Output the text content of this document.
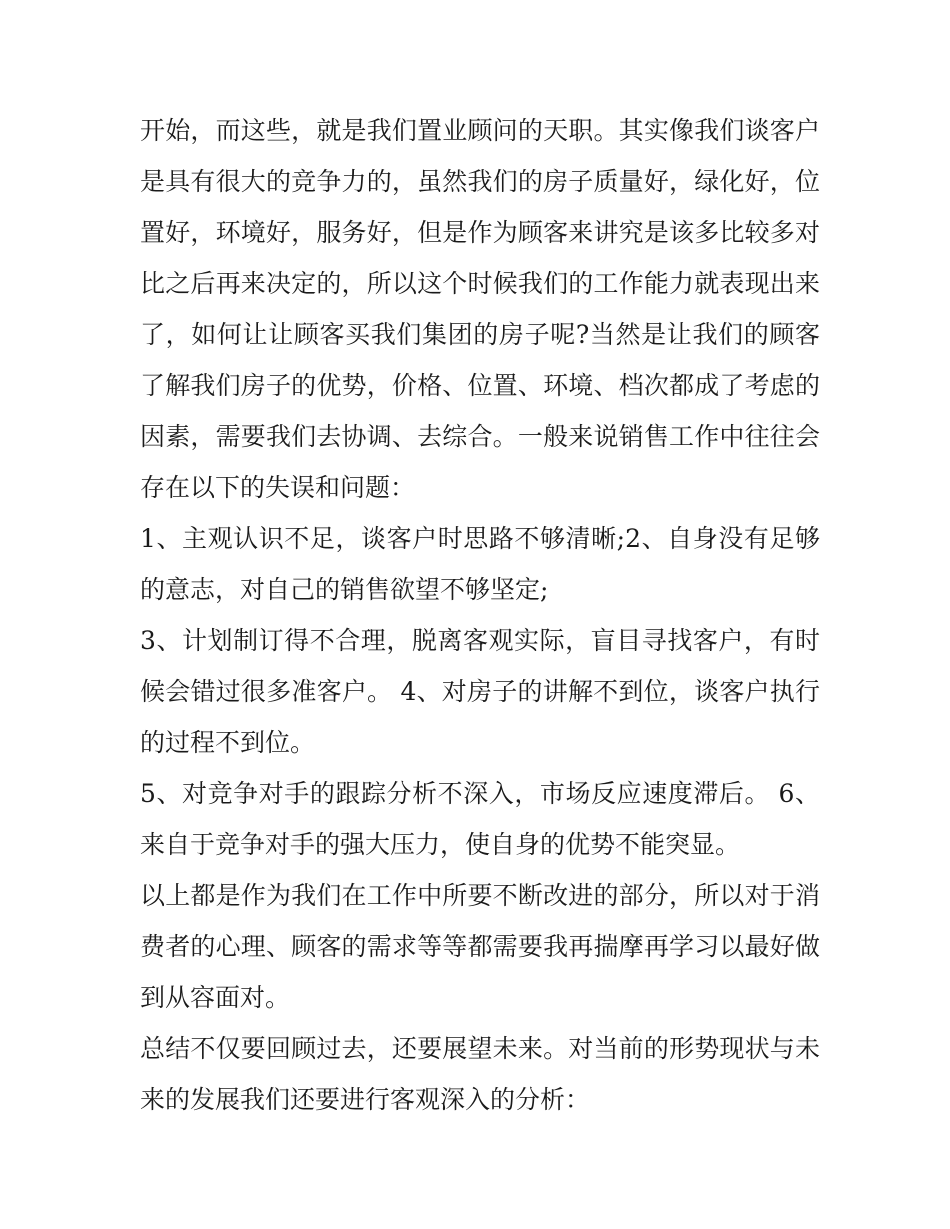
开始，而这些，就是我们置业顾问的天职。其实像我们谈客户是具有很大的竞争力的，虽然我们的房子质量好，绿化好，位置好，环境好，服务好，但是作为顾客来讲究是该多比较多对比之后再来决定的，所以这个时候我们的工作能力就表现出来了，如何让让顾客买我们集团的房子呢?当然是让我们的顾客了解我们房子的优势，价格、位置、环境、档次都成了考虑的因素，需要我们去协调、去综合。一般来说销售工作中往往会存在以下的失误和问题：

1、主观认识不足，谈客户时思路不够清晰;2、自身没有足够的意志，对自己的销售欲望不够坚定;

3、计划制订得不合理，脱离客观实际，盲目寻找客户，有时候会错过很多准客户。 4、对房子的讲解不到位，谈客户执行的过程不到位。

5、对竞争对手的跟踪分析不深入，市场反应速度滞后。 6、来自于竞争对手的强大压力，使自身的优势不能突显。

以上都是作为我们在工作中所要不断改进的部分，所以对于消费者的心理、顾客的需求等等都需要我再揣摩再学习以最好做到从容面对。

总结不仅要回顾过去，还要展望未来。对当前的形势现状与未来的发展我们还要进行客观深入的分析：
